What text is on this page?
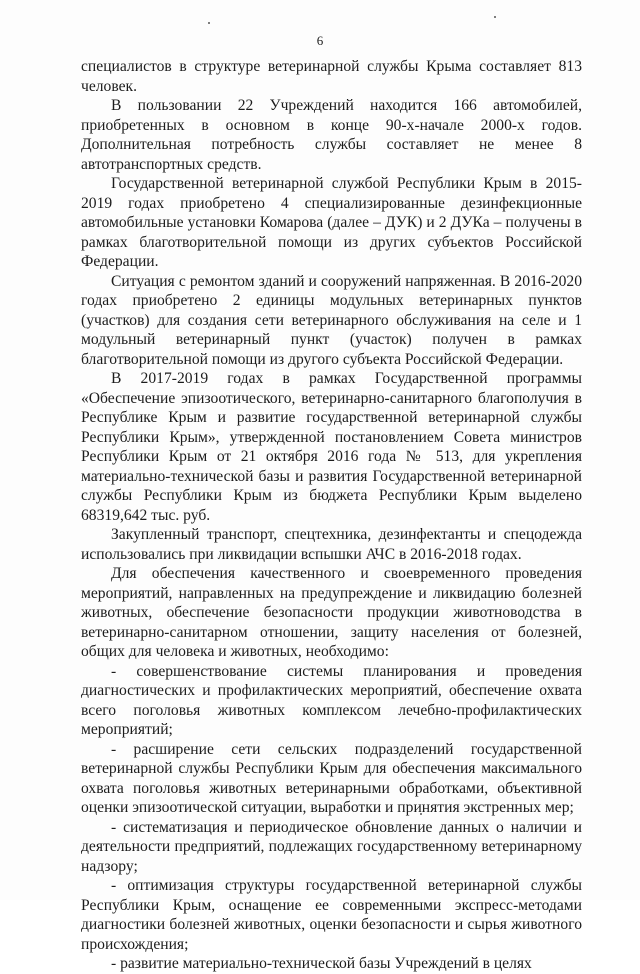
6

специалистов в структуре ветеринарной службы Крыма составляет 813 человек.

В пользовании 22 Учреждений находится 166 автомобилей, приобретенных в основном в конце 90-х-начале 2000-х годов. Дополнительная потребность службы составляет не менее 8 автотранспортных средств.

Государственной ветеринарной службой Республики Крым в 2015-2019 годах приобретено 4 специализированные дезинфекционные автомобильные установки Комарова (далее – ДУК) и 2 ДУКа – получены в рамках благотворительной помощи из других субъектов Российской Федерации.

Ситуация с ремонтом зданий и сооружений напряженная. В 2016-2020 годах приобретено 2 единицы модульных ветеринарных пунктов (участков) для создания сети ветеринарного обслуживания на селе и 1 модульный ветеринарный пункт (участок) получен в рамках благотворительной помощи из другого субъекта Российской Федерации.

В 2017-2019 годах в рамках Государственной программы «Обеспечение эпизоотического, ветеринарно-санитарного благополучия в Республике Крым и развитие государственной ветеринарной службы Республики Крым», утвержденной постановлением Совета министров Республики Крым от 21 октября 2016 года № 513, для укрепления материально-технической базы и развития Государственной ветеринарной службы Республики Крым из бюджета Республики Крым выделено 68319,642 тыс. руб.

Закупленный транспорт, спецтехника, дезинфектанты и спецодежда использовались при ликвидации вспышки АЧС в 2016-2018 годах.

Для обеспечения качественного и своевременного проведения мероприятий, направленных на предупреждение и ликвидацию болезней животных, обеспечение безопасности продукции животноводства в ветеринарно-санитарном отношении, защиту населения от болезней, общих для человека и животных, необходимо:

- совершенствование системы планирования и проведения диагностических и профилактических мероприятий, обеспечение охвата всего поголовья животных комплексом лечебно-профилактических мероприятий;

- расширение сети сельских подразделений государственной ветеринарной службы Республики Крым для обеспечения максимального охвата поголовья животных ветеринарными обработками, объективной оценки эпизоотической ситуации, выработки и принятия экстренных мер;

- систематизация и периодическое обновление данных о наличии и деятельности предприятий, подлежащих государственному ветеринарному надзору;

- оптимизация структуры государственной ветеринарной службы Республики Крым, оснащение ее современными экспресс-методами диагностики болезней животных, оценки безопасности и сырья животного происхождения;

- развитие материально-технической базы Учреждений в целях
